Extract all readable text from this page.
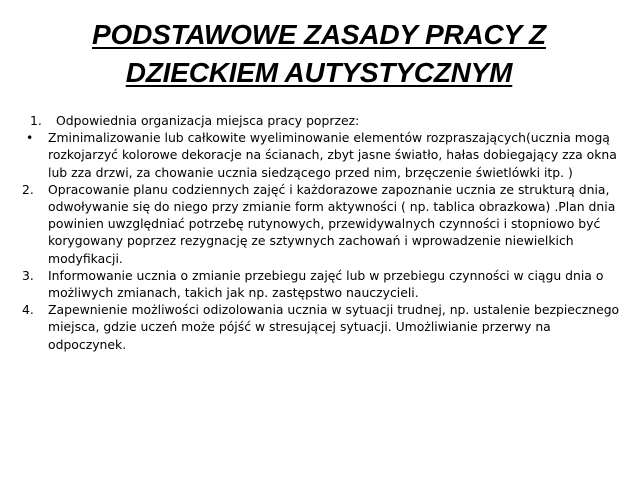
PODSTAWOWE ZASADY PRACY Z
DZIECKIEM AUTYSTYCZNYM
1. Odpowiednia organizacja miejsca pracy poprzez:
• Zminimalizowanie lub całkowite wyeliminowanie elementów rozpraszających(ucznia mogą rozkojarzyć kolorowe dekoracje na ścianach, zbyt jasne światło, hałas dobiegający zza okna lub zza drzwi, za chowanie ucznia siedzącego przed nim, brzęczenie świetlówki itp. )
2. Opracowanie planu codziennych zajęć i każdorazowe zapoznanie ucznia ze strukturą dnia, odwoływanie się do niego przy zmianie form aktywności ( np. tablica obrazkowa) .Plan dnia powinien uwzględniać potrzebę rutynowych, przewidywalnych czynności i stopniowo być korygowany poprzez rezygnację ze sztywnych zachowań i wprowadzenie niewielkich modyfikacji.
3. Informowanie ucznia o zmianie przebiegu zajęć lub w przebiegu czynności w ciągu dnia o możliwych zmianach, takich jak np. zastępstwo nauczycieli.
4. Zapewnienie możliwości odizolowania ucznia w sytuacji trudnej, np. ustalenie bezpiecznego miejsca, gdzie uczeń może pójść w stresującej sytuacji. Umożliwianie przerwy na odpoczynek.
